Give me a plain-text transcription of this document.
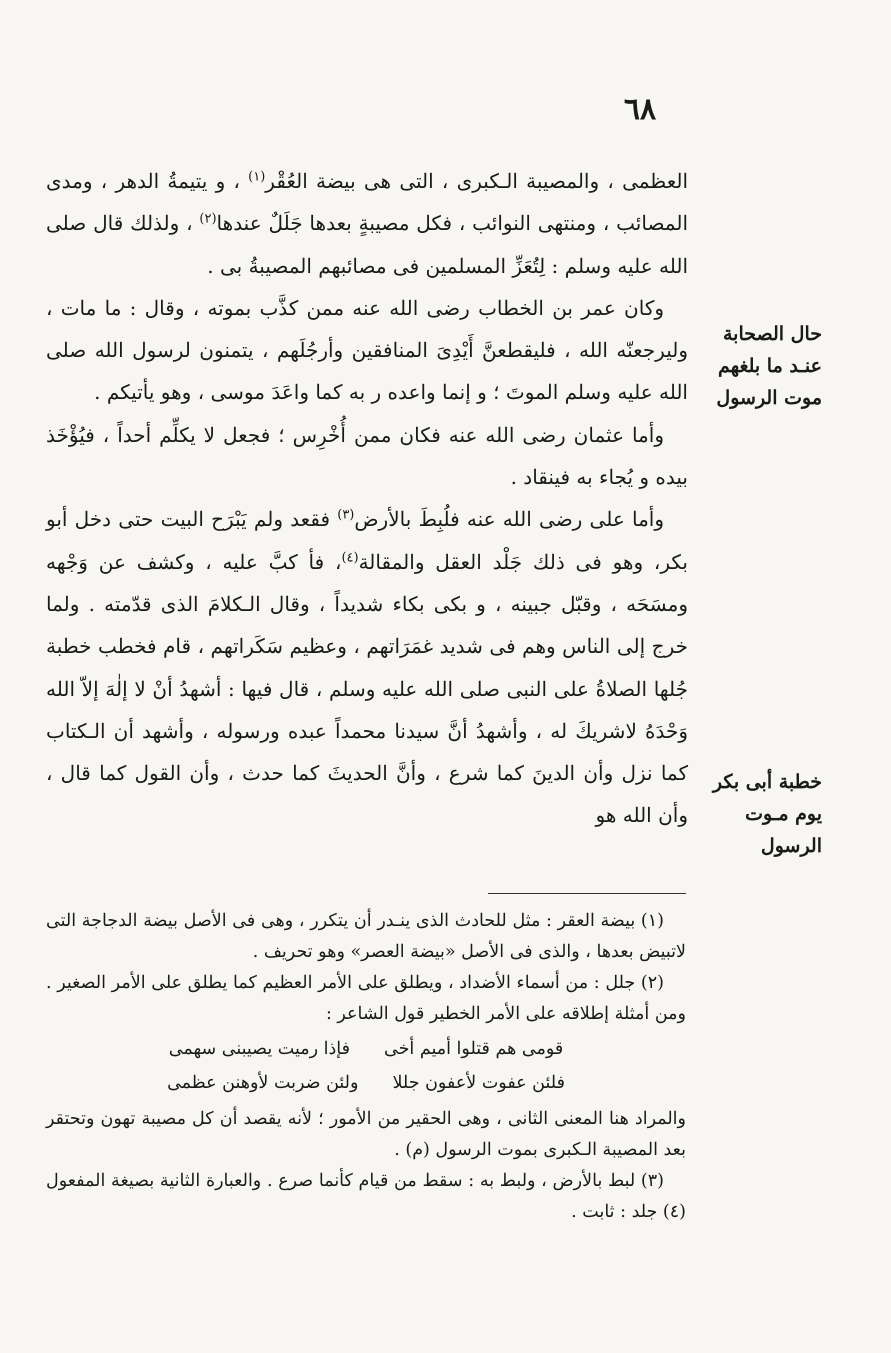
٦٨
حال الصحابة
عنـد ما بلغهم
موت الرسول
خطبة أبى بكر
يوم مـوت
الرسول

العظمى ، والمصيبة الـكبرى ، التى هى بيضة العُقْر$^{(١)}$ ، و يتيمةُ الدهر ، ومدى المصائب ، ومنتهى النوائب ، فكل مصيبةٍ بعدها جَلَلٌ عندها$^{(٢)}$ ، ولذلك قال صلى الله عليه وسلم : لِتُعَزِّ المسلمين فى مصائبهم المصيبةُ بى .

وكان عمر بن الخطاب رضى الله عنه ممن كذَّب بموته ، وقال : ما مات ، وليرجعنّه الله ، فليقطعنَّ أَيْدِىَ المنافقين وأرجُلَهم ، يتمنون لرسول الله صلى الله عليه وسلم الموتَ ؛ و إنما واعده ر به كما واعَدَ موسى ، وهو يأتيكم .

وأما عثمان رضى الله عنه فكان ممن أُخْرِس ؛ فجعل لا يكلِّم أحداً ، فيُؤْخَذ بيده و يُجاء به فينقاد .

وأما على رضى الله عنه فلُبِطَ بالأرض$^{(٣)}$ فقعد ولم يَبْرَح البيت حتى دخل أبو بكر، وهو فى ذلك جَلْد العقل والمقالة$^{(٤)}$، فأ كبَّ عليه ، وكشف عن وَجْهه ومسَحَه ، وقبّل جبينه ، و بكى بكاء شديداً ، وقال الـكلامَ الذى قدّمته . ولما خرج إلى الناس وهم فى شديد غمَرَاتهم ، وعظيم سَكَراتهم ، قام فخطب خطبة جُلها الصلاةُ على النبى صلى الله عليه وسلم ، قال فيها : أشهدُ أنْ لا إلٰهَ إلاّ الله وَحْدَهُ لاشريكَ له ، وأشهدُ أنَّ سيدنا محمداً عبده ورسوله ، وأشهد أن الـكتاب كما نزل وأن الدينَ كما شرع ، وأنَّ الحديثَ كما حدث ، وأن القول كما قال ، وأن الله هو

(١) بيضة العقر : مثل للحادث الذى ينـدر أن يتكرر ، وهى فى الأصل بيضة الدجاجة التى لاتبيض بعدها ، والذى فى الأصل «بيضة العصر» وهو تحريف .

(٢) جلل : من أسماء الأضداد ، ويطلق على الأمر العظيم كما يطلق على الأمر الصغير . ومن أمثلة إطلاقه على الأمر الخطير قول الشاعر :

قومى هم قتلوا أميم أخى
فإذا رميت يصيبنى سهمى
فلئن عفوت لأعفون جللا
ولئن ضربت لأوهنن عظمى

والمراد هنا المعنى الثانى ، وهى الحقير من الأمور ؛ لأنه يقصد أن كل مصيبة تهون وتحتقر بعد المصيبة الـكبرى بموت الرسول (م) .

(٣) لبط بالأرض ، ولبط به : سقط من قيام كأنما صرع . والعبارة الثانية بصيغة المفعول (٤) جلد : ثابت .
